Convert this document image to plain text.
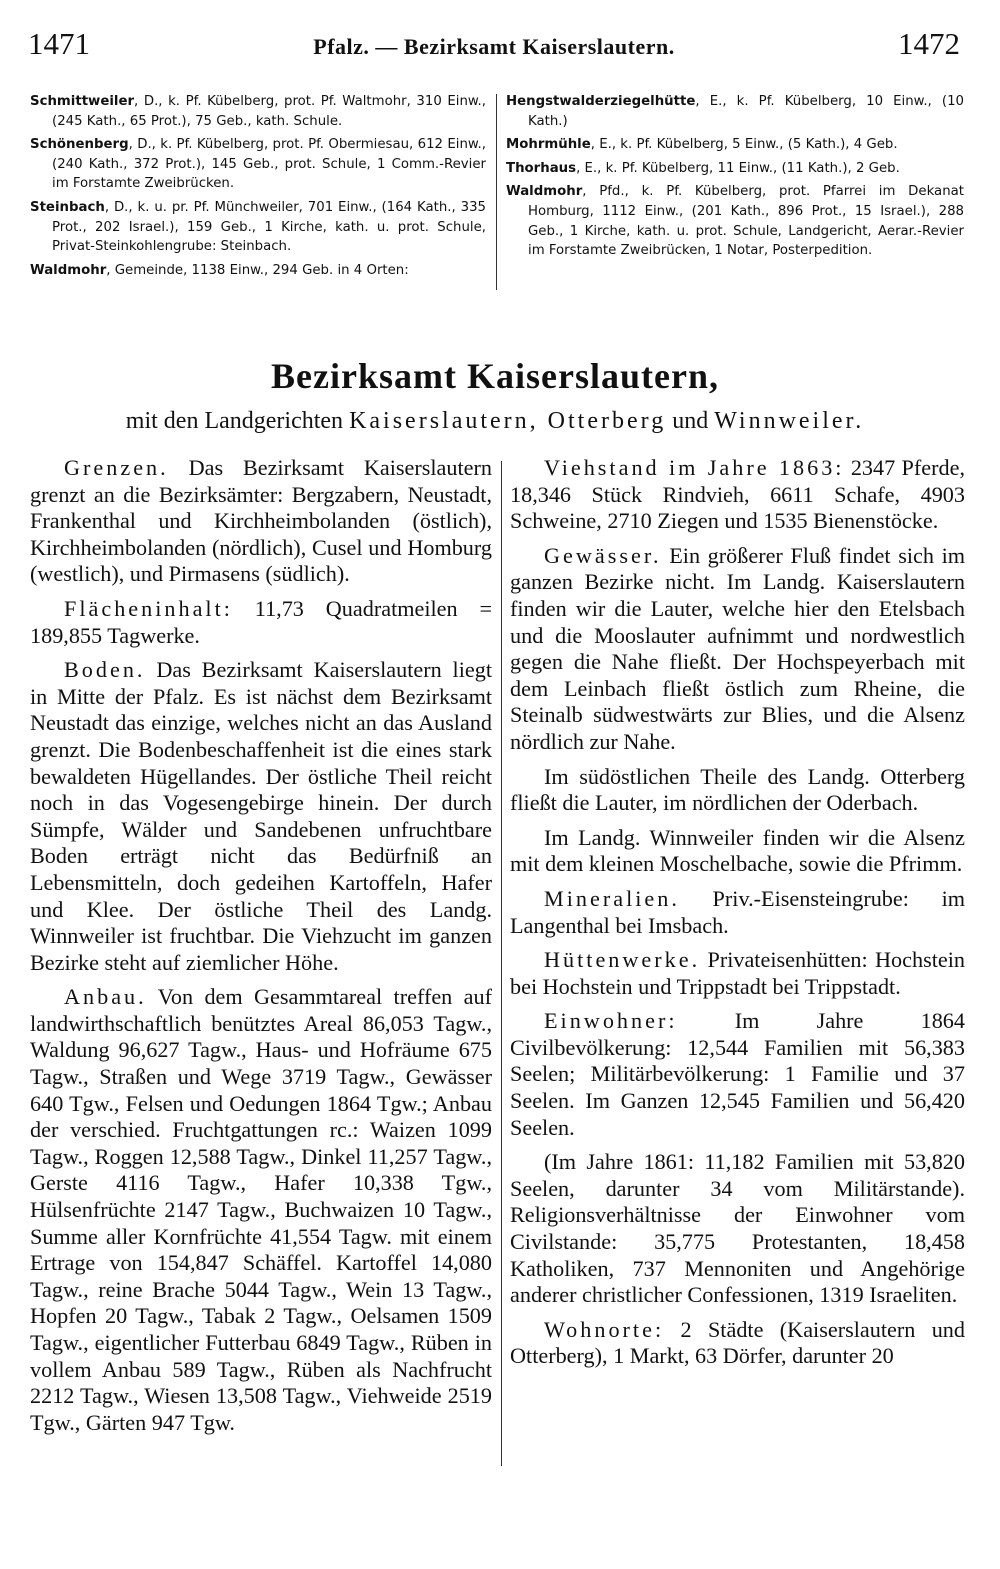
1471	Pfalz. — Bezirksamt Kaiserslautern.	1472

Schmittweiler, D., k. Pf. Kübelberg, prot. Pf. Waltmohr, 310 Einw., (245 Kath., 65 Prot.), 75 Geb., kath. Schule.

Schönenberg, D., k. Pf. Kübelberg, prot. Pf. Obermiesau, 612 Einw., (240 Kath., 372 Prot.), 145 Geb., prot. Schule, 1 Comm.-Revier im Forstamte Zweibrücken.

Steinbach, D., k. u. pr. Pf. Münchweiler, 701 Einw., (164 Kath., 335 Prot., 202 Israel.), 159 Geb., 1 Kirche, kath. u. prot. Schule, Privat-Steinkohlengrube: Steinbach.

Waldmohr, Gemeinde, 1138 Einw., 294 Geb. in 4 Orten:

Hengstwalderziegelhütte, E., k. Pf. Kübelberg, 10 Einw., (10 Kath.)

Mohrmühle, E., k. Pf. Kübelberg, 5 Einw., (5 Kath.), 4 Geb.

Thorhaus, E., k. Pf. Kübelberg, 11 Einw., (11 Kath.), 2 Geb.

Waldmohr, Pfd., k. Pf. Kübelberg, prot. Pfarrei im Dekanat Homburg, 1112 Einw., (201 Kath., 896 Prot., 15 Israel.), 288 Geb., 1 Kirche, kath. u. prot. Schule, Landgericht, Aerar.-Revier im Forstamte Zweibrücken, 1 Notar, Posterpedition.

Bezirksamt Kaiserslautern,
mit den Landgerichten Kaiserslautern, Otterberg und Winnweiler.

Grenzen. Das Bezirksamt Kaiserslautern grenzt an die Bezirksämter: Bergzabern, Neustadt, Frankenthal und Kirchheimbolanden (östlich), Kirchheimbolanden (nördlich), Cusel und Homburg (westlich), und Pirmasens (südlich).

Flächeninhalt: 11,73 Quadratmeilen = 189,855 Tagwerke.

Boden. Das Bezirksamt Kaiserslautern liegt in Mitte der Pfalz. Es ist nächst dem Bezirksamt Neustadt das einzige, welches nicht an das Ausland grenzt. Die Bodenbeschaffenheit ist die eines stark bewaldeten Hügellandes. Der östliche Theil reicht noch in das Vogesengebirge hinein. Der durch Sümpfe, Wälder und Sandebenen unfruchtbare Boden erträgt nicht das Bedürfniß an Lebensmitteln, doch gedeihen Kartoffeln, Hafer und Klee. Der östliche Theil des Landg. Winnweiler ist fruchtbar. Die Viehzucht im ganzen Bezirke steht auf ziemlicher Höhe.

Anbau. Von dem Gesammtareal treffen auf landwirthschaftlich benütztes Areal 86,053 Tagw., Waldung 96,627 Tagw., Haus- und Hofräume 675 Tagw., Straßen und Wege 3719 Tagw., Gewässer 640 Tgw., Felsen und Oedungen 1864 Tgw.; Anbau der verschied. Fruchtgattungen rc.: Waizen 1099 Tagw., Roggen 12,588 Tagw., Dinkel 11,257 Tagw., Gerste 4116 Tagw., Hafer 10,338 Tgw., Hülsenfrüchte 2147 Tagw., Buchwaizen 10 Tagw., Summe aller Kornfrüchte 41,554 Tagw. mit einem Ertrage von 154,847 Schäffel. Kartoffel 14,080 Tagw., reine Brache 5044 Tagw., Wein 13 Tagw., Hopfen 20 Tagw., Tabak 2 Tagw., Oelsamen 1509 Tagw., eigentlicher Futterbau 6849 Tagw., Rüben in vollem Anbau 589 Tagw., Rüben als Nachfrucht 2212 Tagw., Wiesen 13,508 Tagw., Viehweide 2519 Tgw., Gärten 947 Tgw.

Viehstand im Jahre 1863: 2347 Pferde, 18,346 Stück Rindvieh, 6611 Schafe, 4903 Schweine, 2710 Ziegen und 1535 Bienenstöcke.

Gewässer. Ein größerer Fluß findet sich im ganzen Bezirke nicht. Im Landg. Kaiserslautern finden wir die Lauter, welche hier den Etelsbach und die Mooslauter aufnimmt und nordwestlich gegen die Nahe fließt. Der Hochspeyerbach mit dem Leinbach fließt östlich zum Rheine, die Steinalb südwestwärts zur Blies, und die Alsenz nördlich zur Nahe.

Im südöstlichen Theile des Landg. Otterberg fließt die Lauter, im nördlichen der Oderbach.

Im Landg. Winnweiler finden wir die Alsenz mit dem kleinen Moschelbache, sowie die Pfrimm.

Mineralien. Priv.-Eisensteingrube: im Langenthal bei Imsbach.

Hüttenwerke. Privateisenhütten: Hochstein bei Hochstein und Trippstadt bei Trippstadt.

Einwohner: Im Jahre 1864 Civilbevölkerung: 12,544 Familien mit 56,383 Seelen; Militärbevölkerung: 1 Familie und 37 Seelen. Im Ganzen 12,545 Familien und 56,420 Seelen.

(Im Jahre 1861: 11,182 Familien mit 53,820 Seelen, darunter 34 vom Militärstande). Religionsverhältnisse der Einwohner vom Civilstande: 35,775 Protestanten, 18,458 Katholiken, 737 Mennoniten und Angehörige anderer christlicher Confessionen, 1319 Israeliten.

Wohnorte: 2 Städte (Kaiserslautern und Otterberg), 1 Markt, 63 Dörfer, darunter 20
